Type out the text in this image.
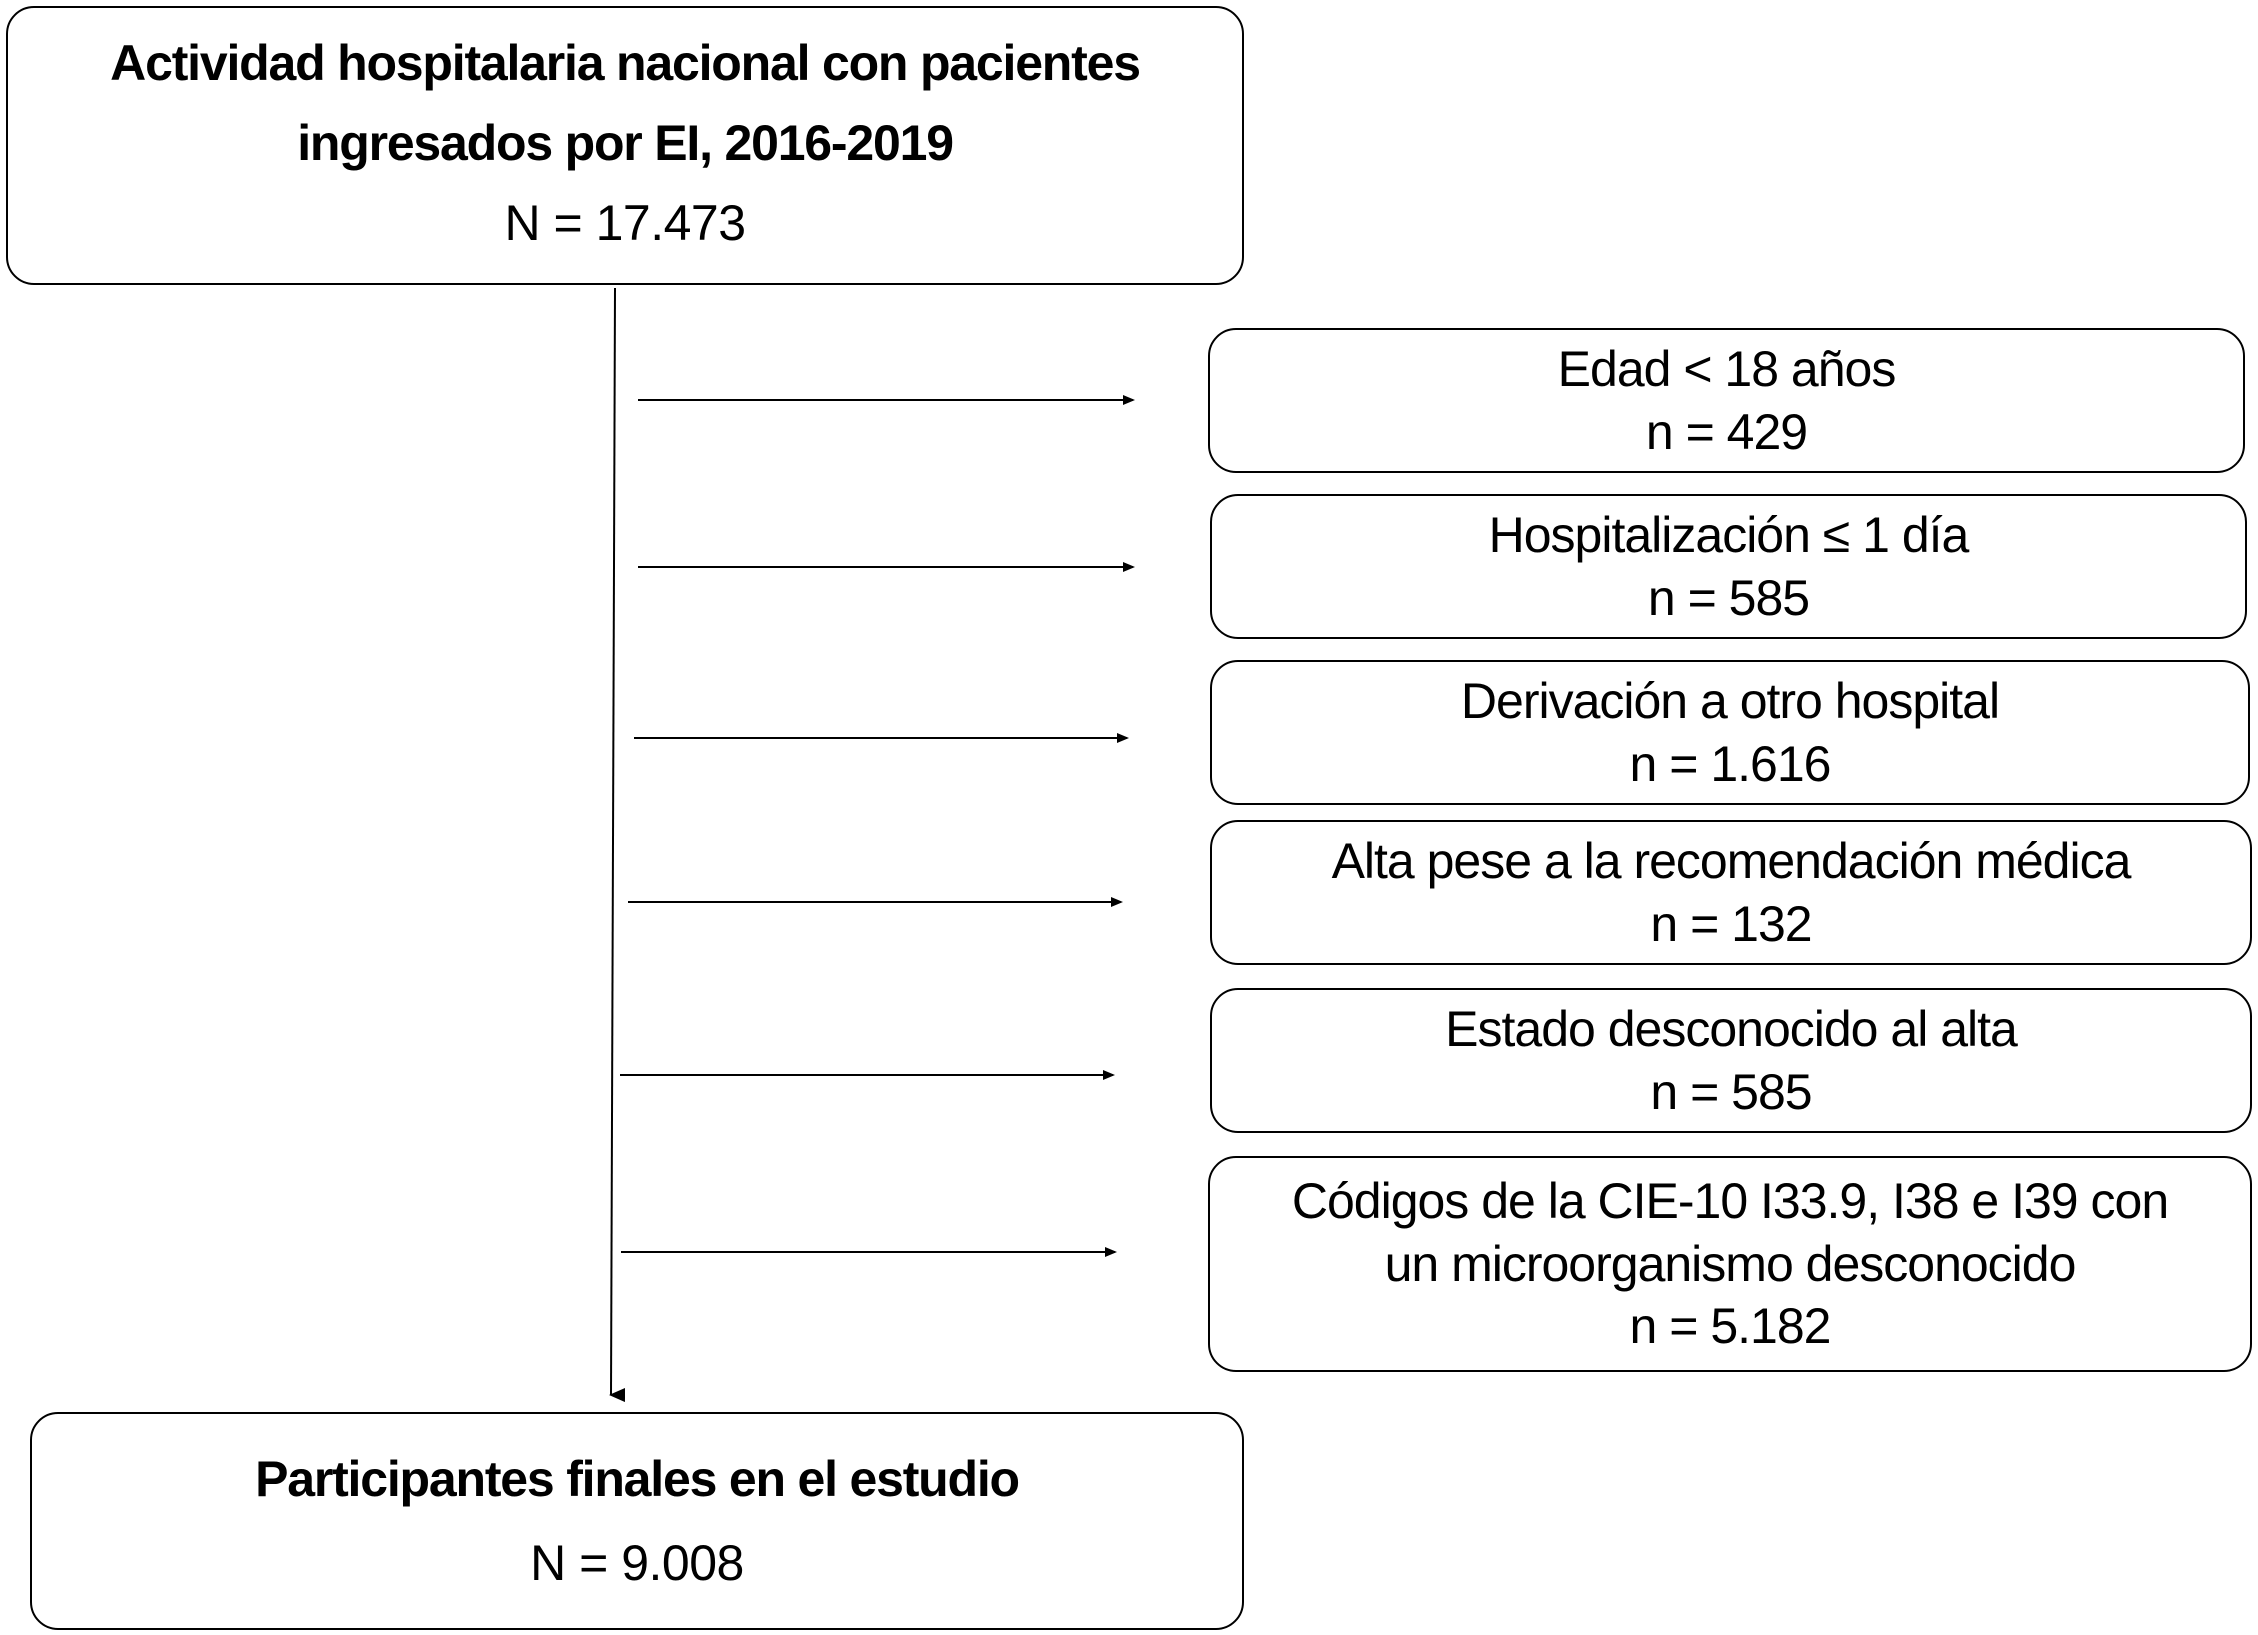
Actividad hospitalaria nacional con pacientes
ingresados por EI, 2016-2019
N = 17.473
Edad < 18 años
n = 429
Hospitalización ≤ 1 día
n = 585
Derivación a otro hospital
n = 1.616
Alta pese a la recomendación médica
n = 132
Estado desconocido al alta
n = 585
Códigos de la CIE-10 I33.9, I38 e I39 con
un microorganismo desconocido
n = 5.182
Participantes finales en el estudio
N = 9.008
